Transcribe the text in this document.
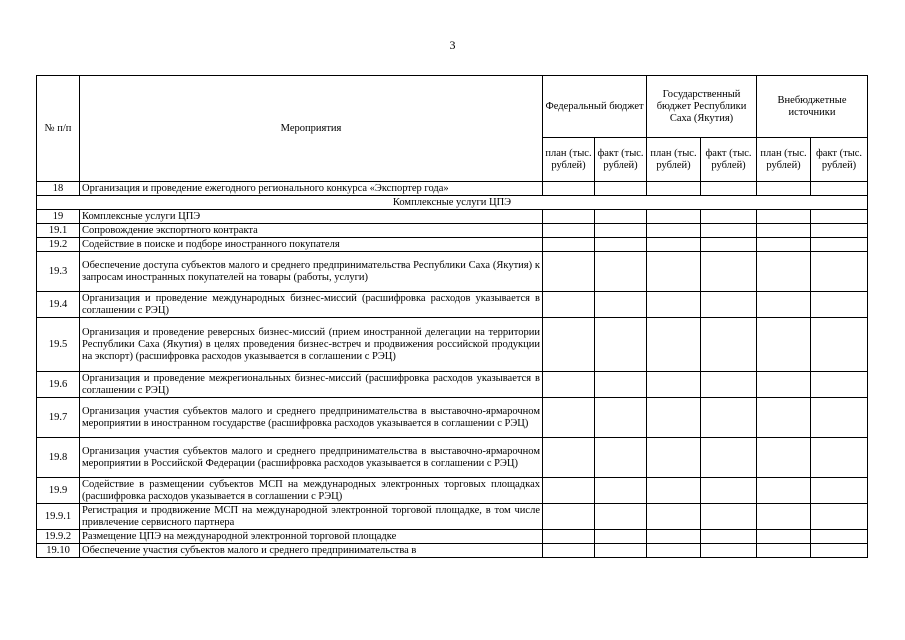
3
№ п/п	Мероприятия	Федеральный бюджет		Государственный бюджет Республики Саха (Якутия)		Внебюджетные источники	
		план (тыс. рублей)	факт (тыс. рублей)	план (тыс. рублей)	факт (тыс. рублей)	план (тыс. рублей)	факт (тыс. рублей)
18	Организация и проведение ежегодного регионального конкурса «Экспортер года»						
Комплексные услуги ЦПЭ							
19	Комплексные услуги ЦПЭ						
19.1	Сопровождение экспортного контракта						
19.2	Содействие в поиске и подборе иностранного покупателя						
19.3	Обеспечение доступа субъектов малого и среднего предпринимательства Республики Саха (Якутия) к запросам иностранных покупателей на товары (работы, услуги)						
19.4	Организация и проведение международных бизнес-миссий (расшифровка расходов указывается в соглашении с РЭЦ)						
19.5	Организация и проведение реверсных бизнес-миссий (прием иностранной делегации на территории Республики Саха (Якутия) в целях проведения бизнес-встреч и продвижения российской продукции на экспорт) (расшифровка расходов указывается в соглашении с РЭЦ)						
19.6	Организация и проведение межрегиональных бизнес-миссий (расшифровка расходов указывается в соглашении с РЭЦ)						
19.7	Организация участия субъектов малого и среднего предпринимательства в выставочно-ярмарочном мероприятии в иностранном государстве (расшифровка расходов указывается в соглашении с РЭЦ)						
19.8	Организация участия субъектов малого и среднего предпринимательства в выставочно-ярмарочном мероприятии в Российской Федерации (расшифровка расходов указывается в соглашении с РЭЦ)						
19.9	Содействие в размещении субъектов МСП на международных электронных торговых площадках (расшифровка расходов указывается в соглашении с РЭЦ)						
19.9.1	Регистрация и продвижение МСП на международной электронной торговой площадке, в том числе привлечение сервисного партнера						
19.9.2	Размещение ЦПЭ на международной электронной торговой площадке						
19.10	Обеспечение участия субъектов малого и среднего предпринимательства в						
